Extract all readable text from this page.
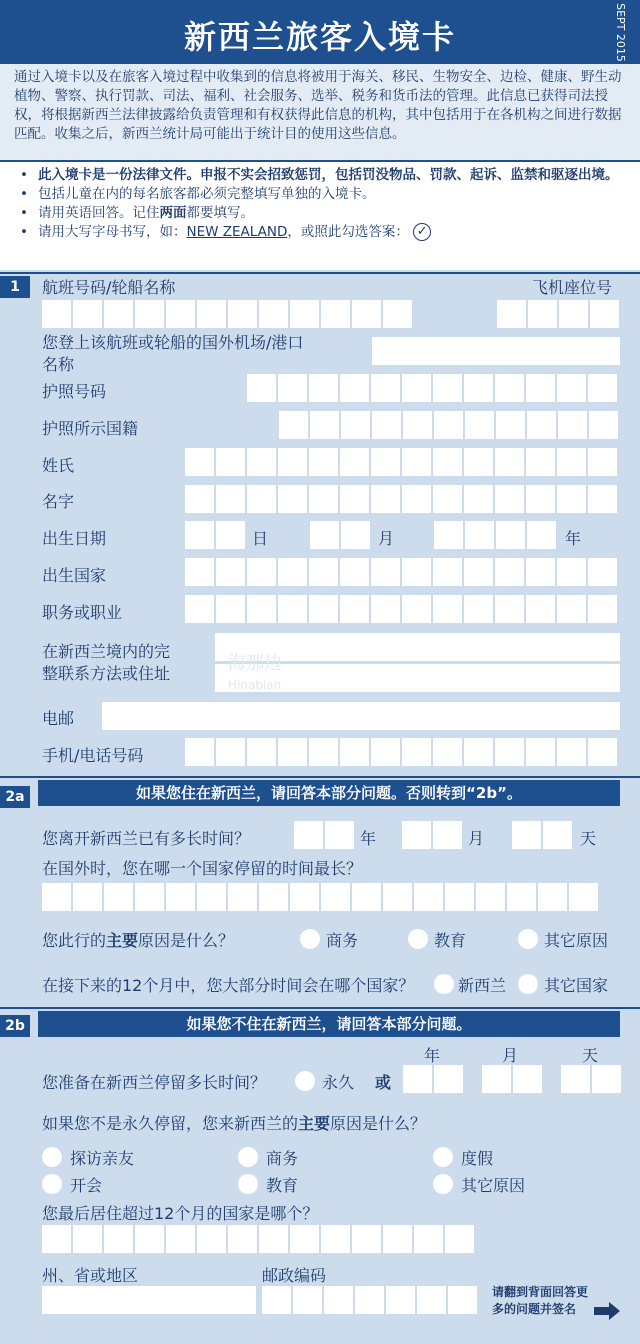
新西兰旅客入境卡	SEPT 2015
通过入境卡以及在旅客入境过程中收集到的信息将被用于海关、移民、生物安全、边检、健康、野生动植物、警察、执行罚款、司法、福利、社会服务、选举、税务和货币法的管理。此信息已获得司法授权，将根据新西兰法律披露给负责管理和有权获得此信息的机构，其中包括用于在各机构之间进行数据匹配。收集之后，新西兰统计局可能出于统计目的使用这些信息。
• 此入境卡是一份法律文件。申报不实会招致惩罚，包括罚没物品、罚款、起诉、监禁和驱逐出境。
• 包括儿童在内的每名旅客都必须完整填写单独的入境卡。
• 请用英语回答。记住两面都要填写。
• 请用大写字母书写，如：NEW ZEALAND，或照此勾选答案： ✓
1	航班号码/轮船名称	飞机座位号
您登上该航班或轮船的国外机场/港口
名称
护照号码
护照所示国籍
姓氏
名字
出生日期	日	月	年
出生国家
职务或职业
在新西兰境内的完
整联系方法或住址	海那边
Hinabian
电邮
手机/电话号码
2a	如果您住在新西兰，请回答本部分问题。否则转到“2b”。
您离开新西兰已有多长时间？	年	月	天
在国外时，您在哪一个国家停留的时间最长？
您此行的主要原因是什么？	商务	教育	其它原因
在接下来的12个月中，您大部分时间会在哪个国家？	新西兰 其它国家
2b	如果您不住在新西兰，请回答本部分问题。
年	月	天
您准备在新西兰停留多长时间？	永久 或
如果您不是永久停留，您来新西兰的主要原因是什么？
探访亲友	商务	度假
开会	教育	其它原因
您最后居住超过12个月的国家是哪个？
州、省或地区	邮政编码
请翻到背面回答更
多的问题并签名
